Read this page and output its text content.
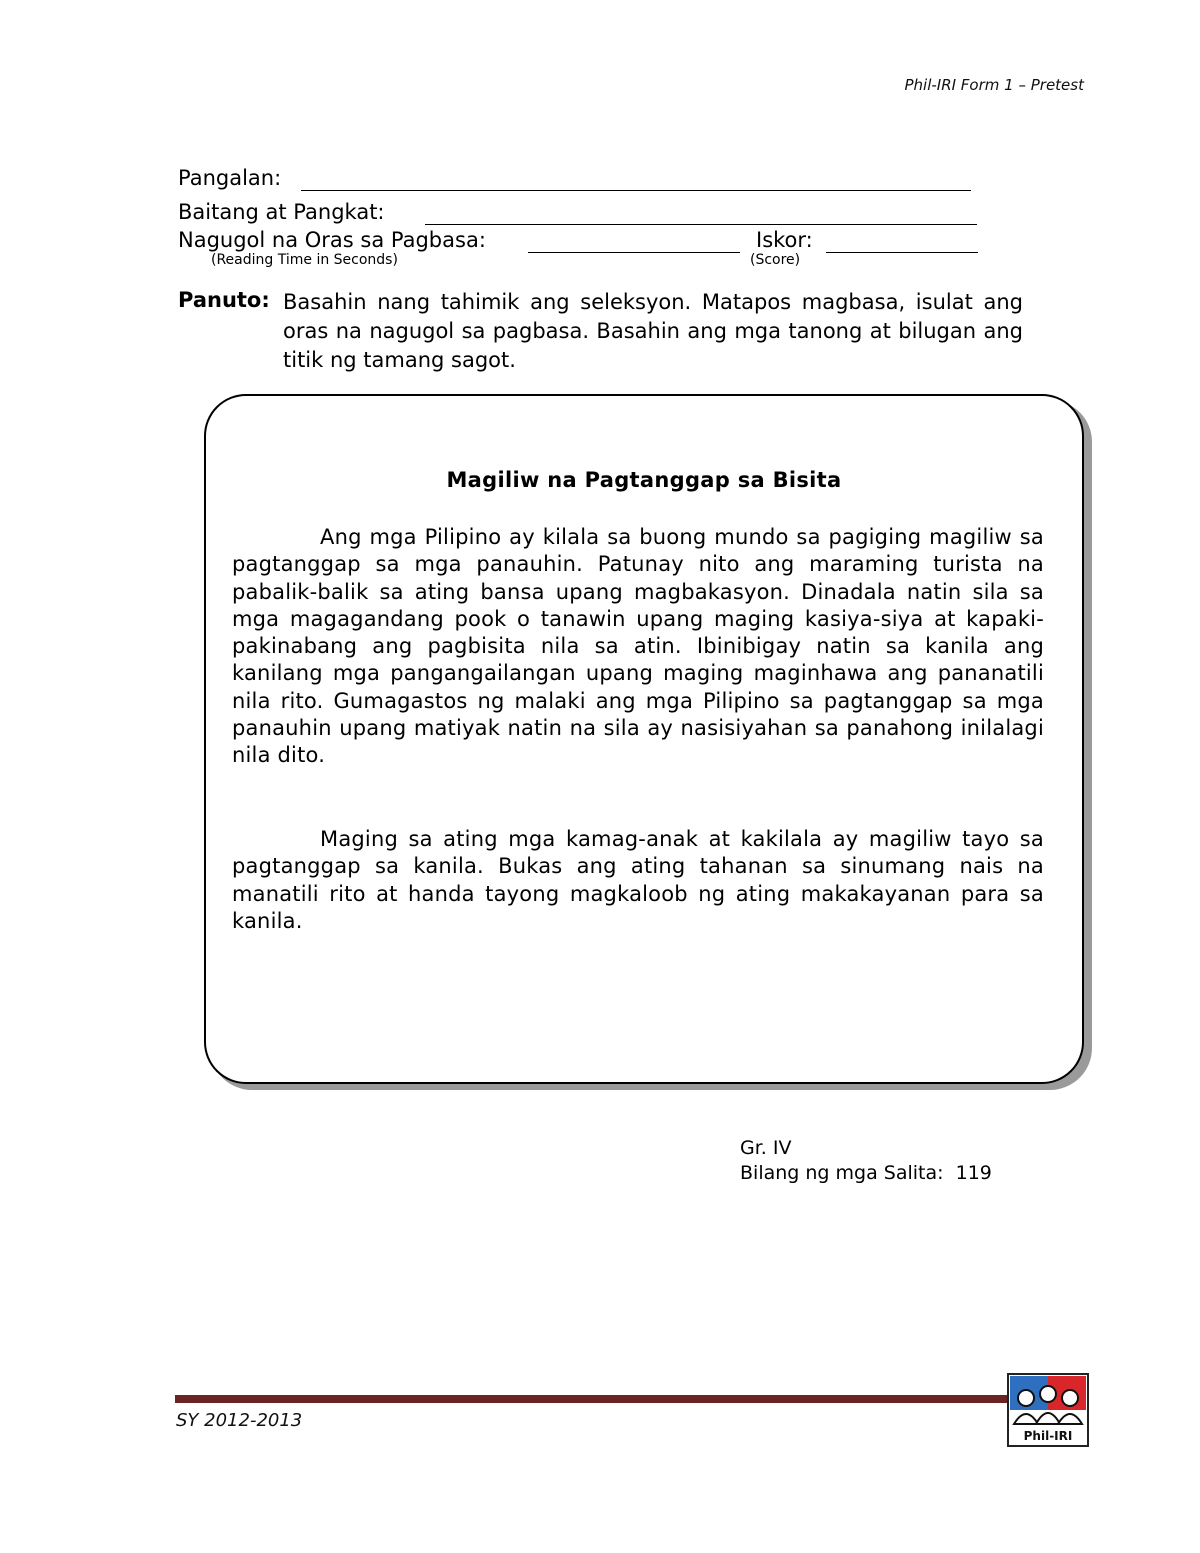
Phil-IRI Form 1 – Pretest
Pangalan:
Baitang at Pangkat:
Nagugol na Oras sa Pagbasa:	Iskor:
(Reading Time in Seconds)	(Score)
Panuto: Basahin nang tahimik ang seleksyon. Matapos magbasa, isulat ang oras na nagugol sa pagbasa. Basahin ang mga tanong at bilugan ang titik ng tamang sagot.
Magiliw na Pagtanggap sa Bisita

Ang mga Pilipino ay kilala sa buong mundo sa pagiging magiliw sa pagtanggap sa mga panauhin. Patunay nito ang maraming turista na pabalik-balik sa ating bansa upang magbakasyon. Dinadala natin sila sa mga magagandang pook o tanawin upang maging kasiya-siya at kapaki-pakinabang ang pagbisita nila sa atin. Ibinibigay natin sa kanila ang kanilang mga pangangailangan upang maging maginhawa ang pananatili nila rito. Gumagastos ng malaki ang mga Pilipino sa pagtanggap sa mga panauhin upang matiyak natin na sila ay nasisiyahan sa panahong inilalagi nila dito.

Maging sa ating mga kamag-anak at kakilala ay magiliw tayo sa pagtanggap sa kanila. Bukas ang ating tahanan sa sinumang nais na manatili rito at handa tayong magkaloob ng ating makakayanan para sa kanila.

Gr. IV
Bilang ng mga Salita: 119
SY 2012-2013
Phil-IRI
